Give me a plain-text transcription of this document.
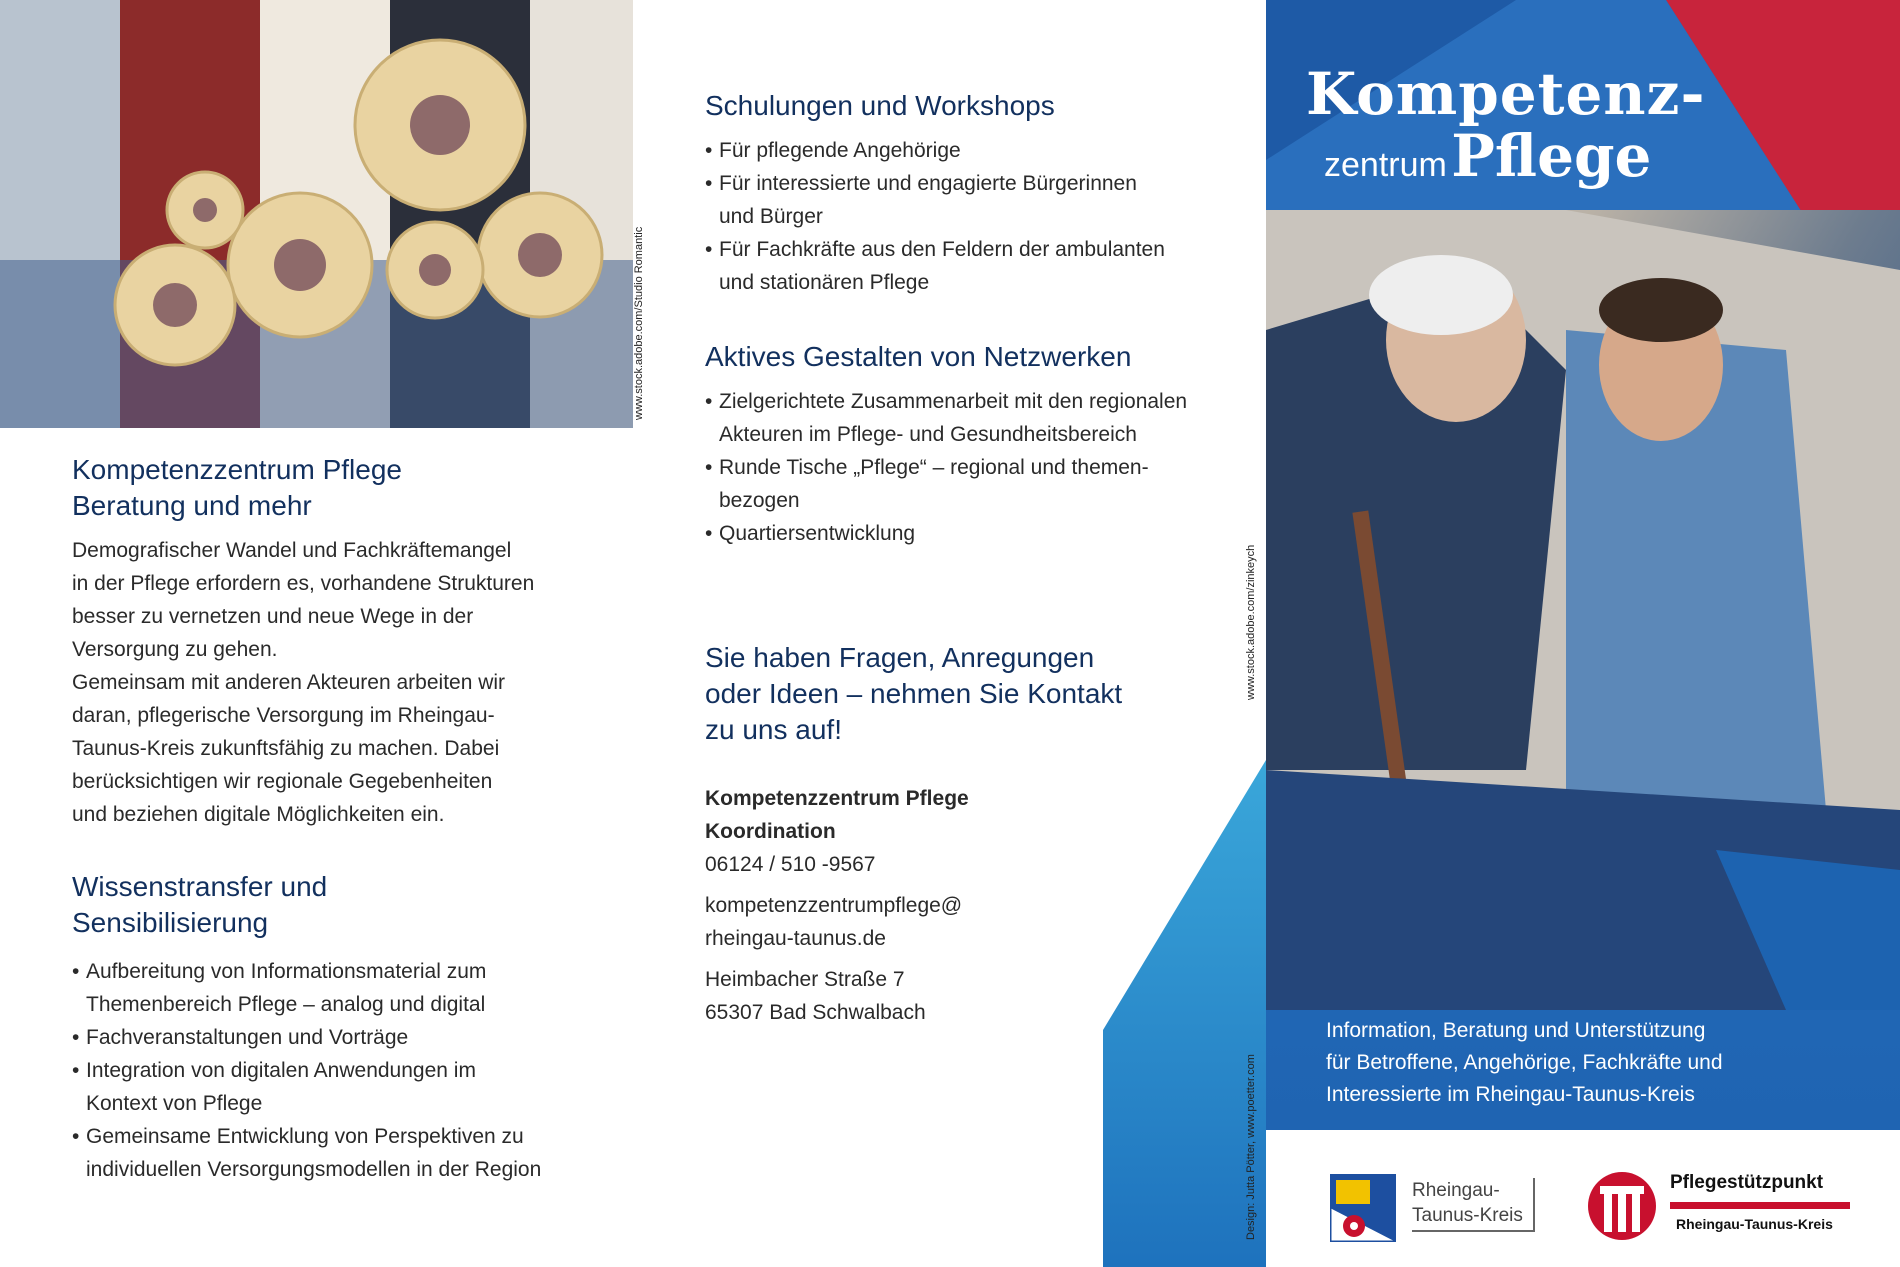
Kompetenzzentrum Pflege
Beratung und mehr
Demografischer Wandel und Fachkräftemangel
in der Pflege erfordern es, vorhandene Strukturen
besser zu vernetzen und neue Wege in der
Versorgung zu gehen.
Gemeinsam mit anderen Akteuren arbeiten wir
daran, pflegerische Versorgung im Rheingau-
Taunus-Kreis zukunftsfähig zu machen. Dabei
berücksichtigen wir regionale Gegebenheiten
und beziehen digitale Möglichkeiten ein.
Wissenstransfer und
Sensibilisierung
• Aufbereitung von Informationsmaterial zum
Themenbereich Pflege – analog und digital
• Fachveranstaltungen und Vorträge
• Integration von digitalen Anwendungen im
Kontext von Pflege
• Gemeinsame Entwicklung von Perspektiven zu
individuellen Versorgungsmodellen in der Region
www.stock.adobe.com/Studio Romantic
Schulungen und Workshops
• Für pflegende Angehörige
• Für interessierte und engagierte Bürgerinnen
und Bürger
• Für Fachkräfte aus den Feldern der ambulanten
und stationären Pflege
Aktives Gestalten von Netzwerken
• Zielgerichtete Zusammenarbeit mit den regionalen
Akteuren im Pflege- und Gesundheitsbereich
• Runde Tische „Pflege“ – regional und themen-
bezogen
• Quartiersentwicklung
Sie haben Fragen, Anregungen
oder Ideen – nehmen Sie Kontakt
zu uns auf!
Kompetenzzentrum Pflege
Koordination
06124 / 510 -9567
kompetenzzentrumpflege@
rheingau-taunus.de
Heimbacher Straße 7
65307 Bad Schwalbach
www.stock.adobe.com/zinkeych
Design: Jutta Pötter, www.poetter.com
Kompetenz-
zentrum Pflege
Information, Beratung und Unterstützung
für Betroffene, Angehörige, Fachkräfte und
Interessierte im Rheingau-Taunus-Kreis
Rheingau-
Taunus-Kreis
Pflegestützpunkt
Rheingau-Taunus-Kreis
